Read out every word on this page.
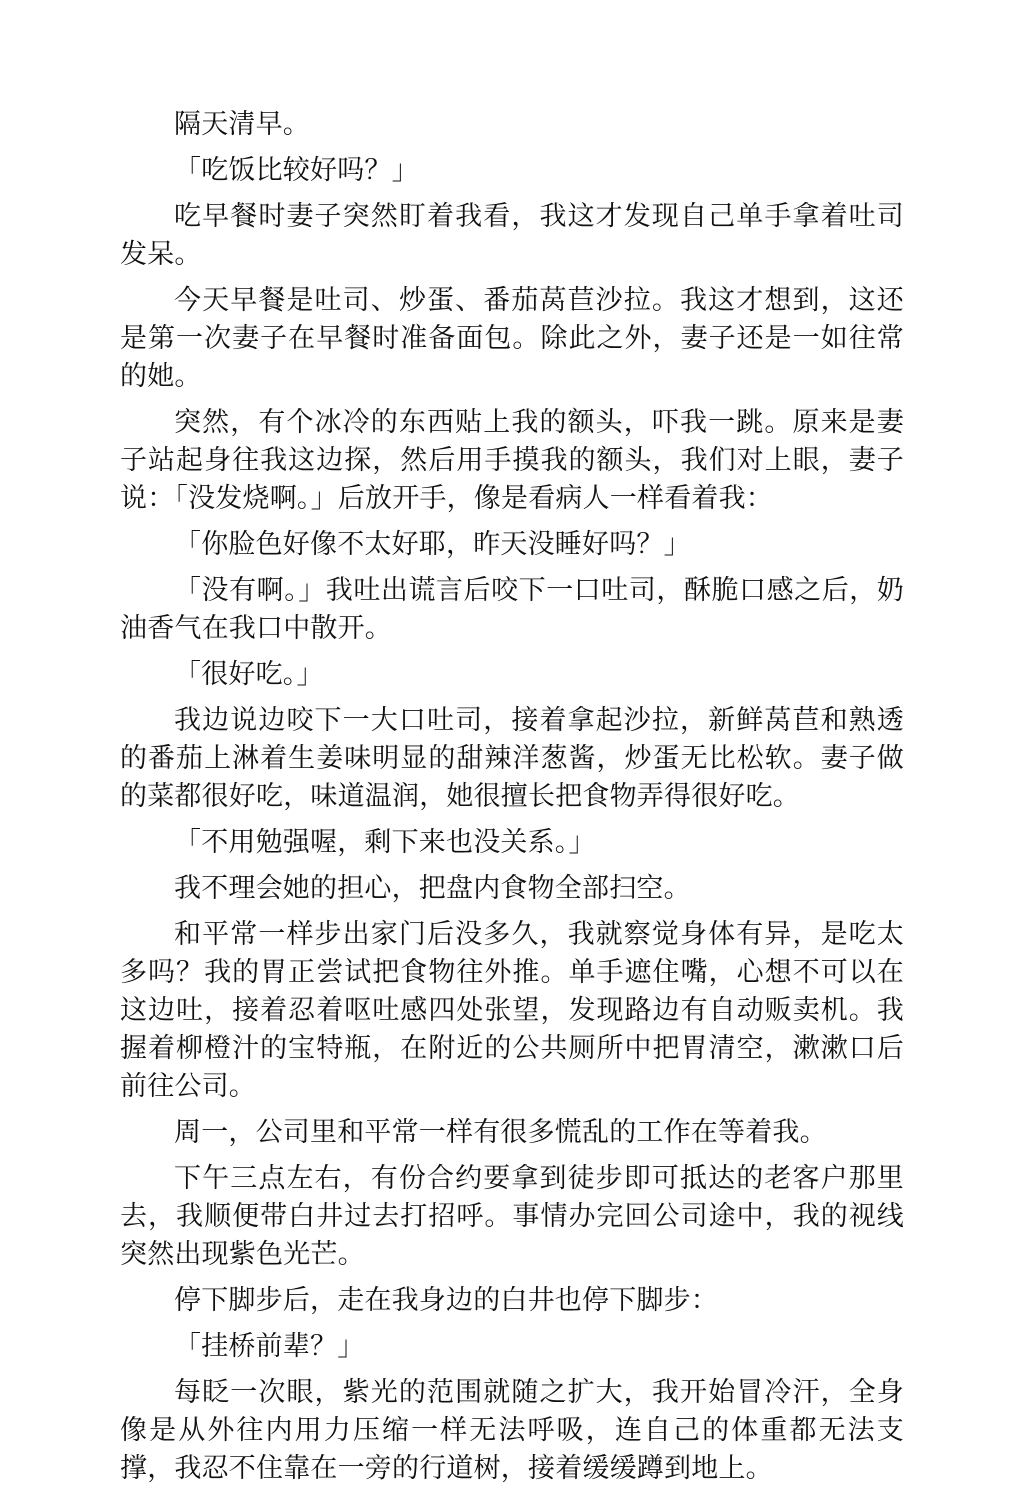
隔天清早。

「吃饭比较好吗？」

吃早餐时妻子突然盯着我看，我这才发现自己单手拿着吐司发呆。

今天早餐是吐司、炒蛋、番茄莴苣沙拉。我这才想到，这还是第一次妻子在早餐时准备面包。除此之外，妻子还是一如往常的她。

突然，有个冰冷的东西贴上我的额头，吓我一跳。原来是妻子站起身往我这边探，然后用手摸我的额头，我们对上眼，妻子说：「没发烧啊。」后放开手，像是看病人一样看着我：

「你脸色好像不太好耶，昨天没睡好吗？」

「没有啊。」我吐出谎言后咬下一口吐司，酥脆口感之后，奶油香气在我口中散开。

「很好吃。」

我边说边咬下一大口吐司，接着拿起沙拉，新鲜莴苣和熟透的番茄上淋着生姜味明显的甜辣洋葱酱，炒蛋无比松软。妻子做的菜都很好吃，味道温润，她很擅长把食物弄得很好吃。

「不用勉强喔，剩下来也没关系。」

我不理会她的担心，把盘内食物全部扫空。

和平常一样步出家门后没多久，我就察觉身体有异，是吃太多吗？我的胃正尝试把食物往外推。单手遮住嘴，心想不可以在这边吐，接着忍着呕吐感四处张望，发现路边有自动贩卖机。我握着柳橙汁的宝特瓶，在附近的公共厕所中把胃清空，漱漱口后前往公司。

周一，公司里和平常一样有很多慌乱的工作在等着我。

下午三点左右，有份合约要拿到徒步即可抵达的老客户那里去，我顺便带白井过去打招呼。事情办完回公司途中，我的视线突然出现紫色光芒。

停下脚步后，走在我身边的白井也停下脚步：

「挂桥前辈？」

每眨一次眼，紫光的范围就随之扩大，我开始冒冷汗，全身像是从外往内用力压缩一样无法呼吸，连自己的体重都无法支撑，我忍不住靠在一旁的行道树，接着缓缓蹲到地上。
